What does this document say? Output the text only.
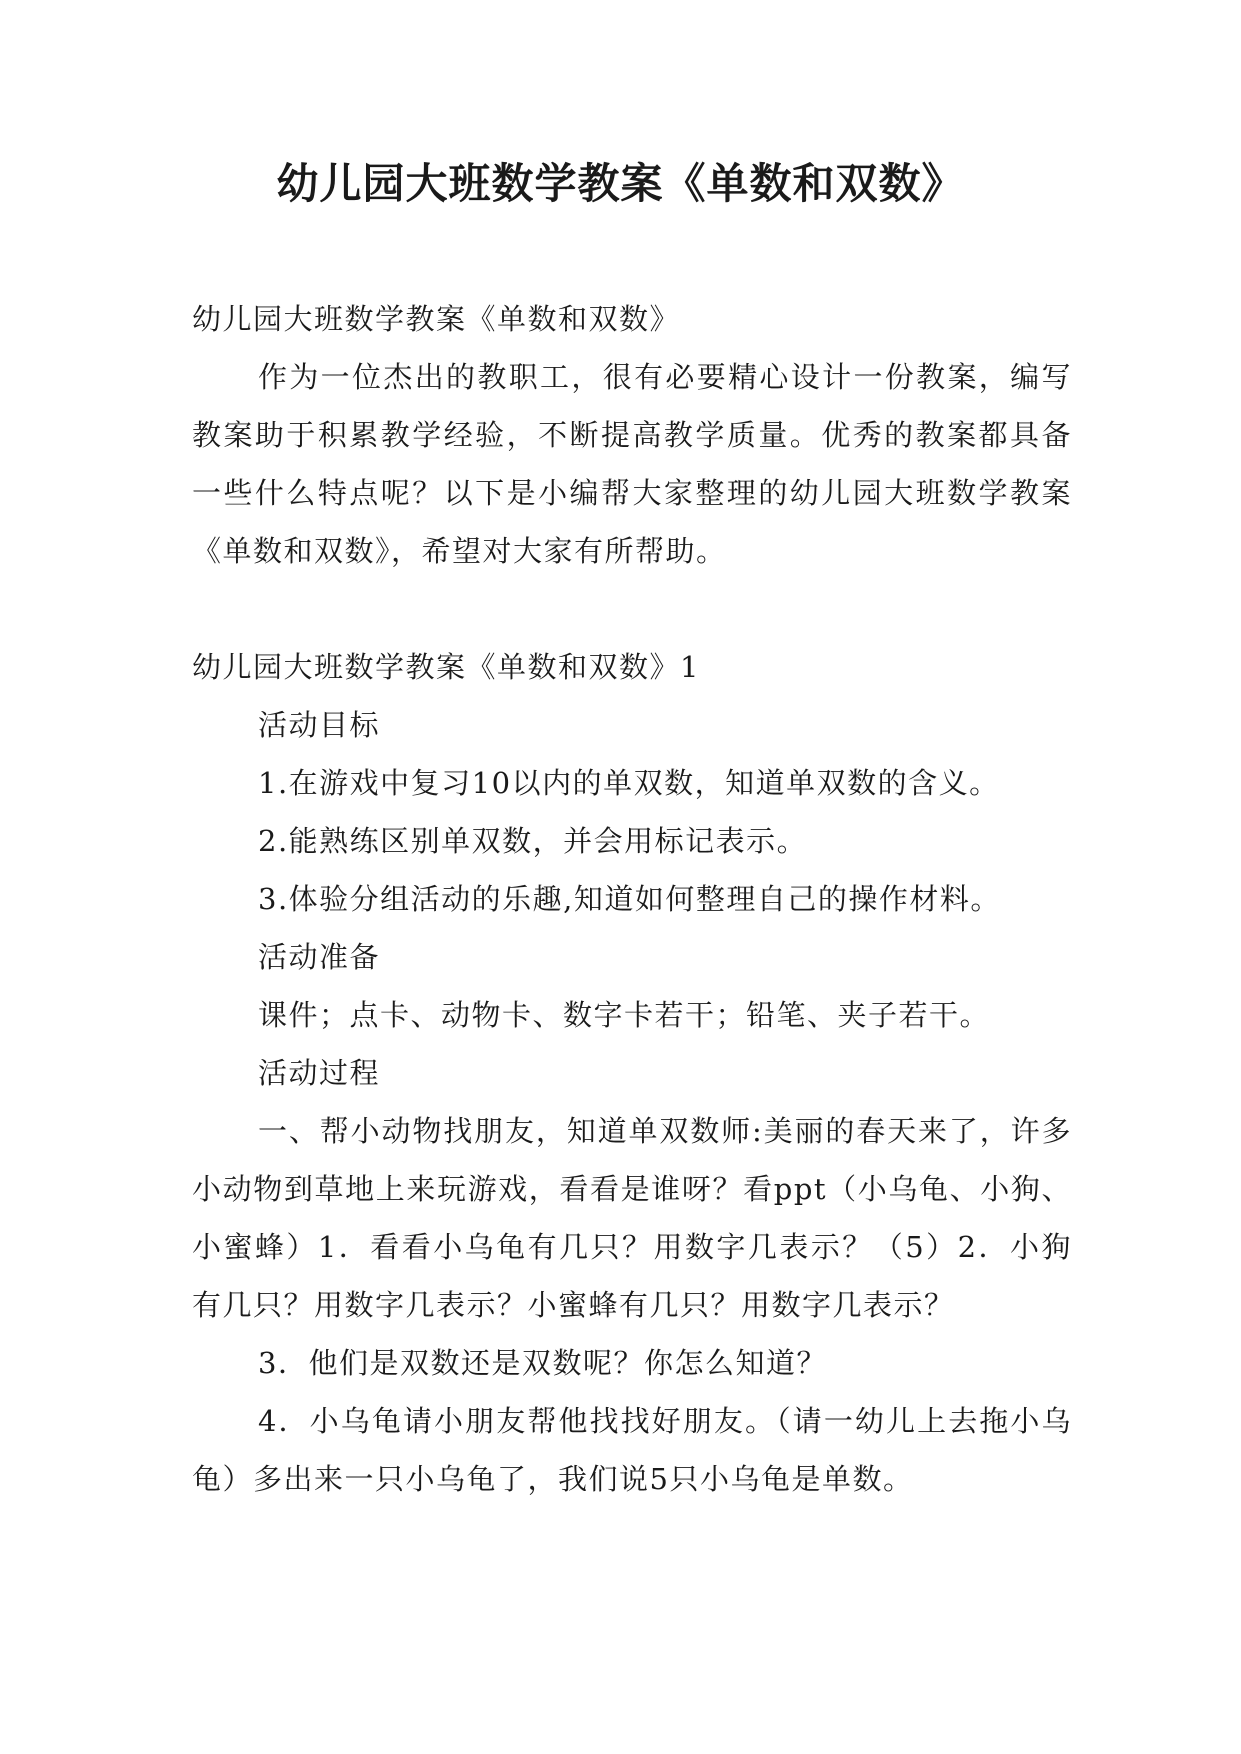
幼儿园大班数学教案《单数和双数》

幼儿园大班数学教案《单数和双数》

作为一位杰出的教职工，很有必要精心设计一份教案，编写教案助于积累教学经验，不断提高教学质量。优秀的教案都具备一些什么特点呢？以下是小编帮大家整理的幼儿园大班数学教案《单数和双数》，希望对大家有所帮助。

幼儿园大班数学教案《单数和双数》1

活动目标

1.在游戏中复习10以内的单双数，知道单双数的含义。

2.能熟练区别单双数，并会用标记表示。

3.体验分组活动的乐趣,知道如何整理自己的操作材料。

活动准备

课件；点卡、动物卡、数字卡若干；铅笔、夹子若干。

活动过程

一、帮小动物找朋友，知道单双数师:美丽的春天来了，许多小动物到草地上来玩游戏，看看是谁呀？看ppt（小乌龟、小狗、小蜜蜂）1．看看小乌龟有几只？用数字几表示？（5）2．小狗有几只？用数字几表示？小蜜蜂有几只？用数字几表示？

3．他们是双数还是双数呢？你怎么知道？

4．小乌龟请小朋友帮他找找好朋友。（请一幼儿上去拖小乌龟）多出来一只小乌龟了，我们说5只小乌龟是单数。
